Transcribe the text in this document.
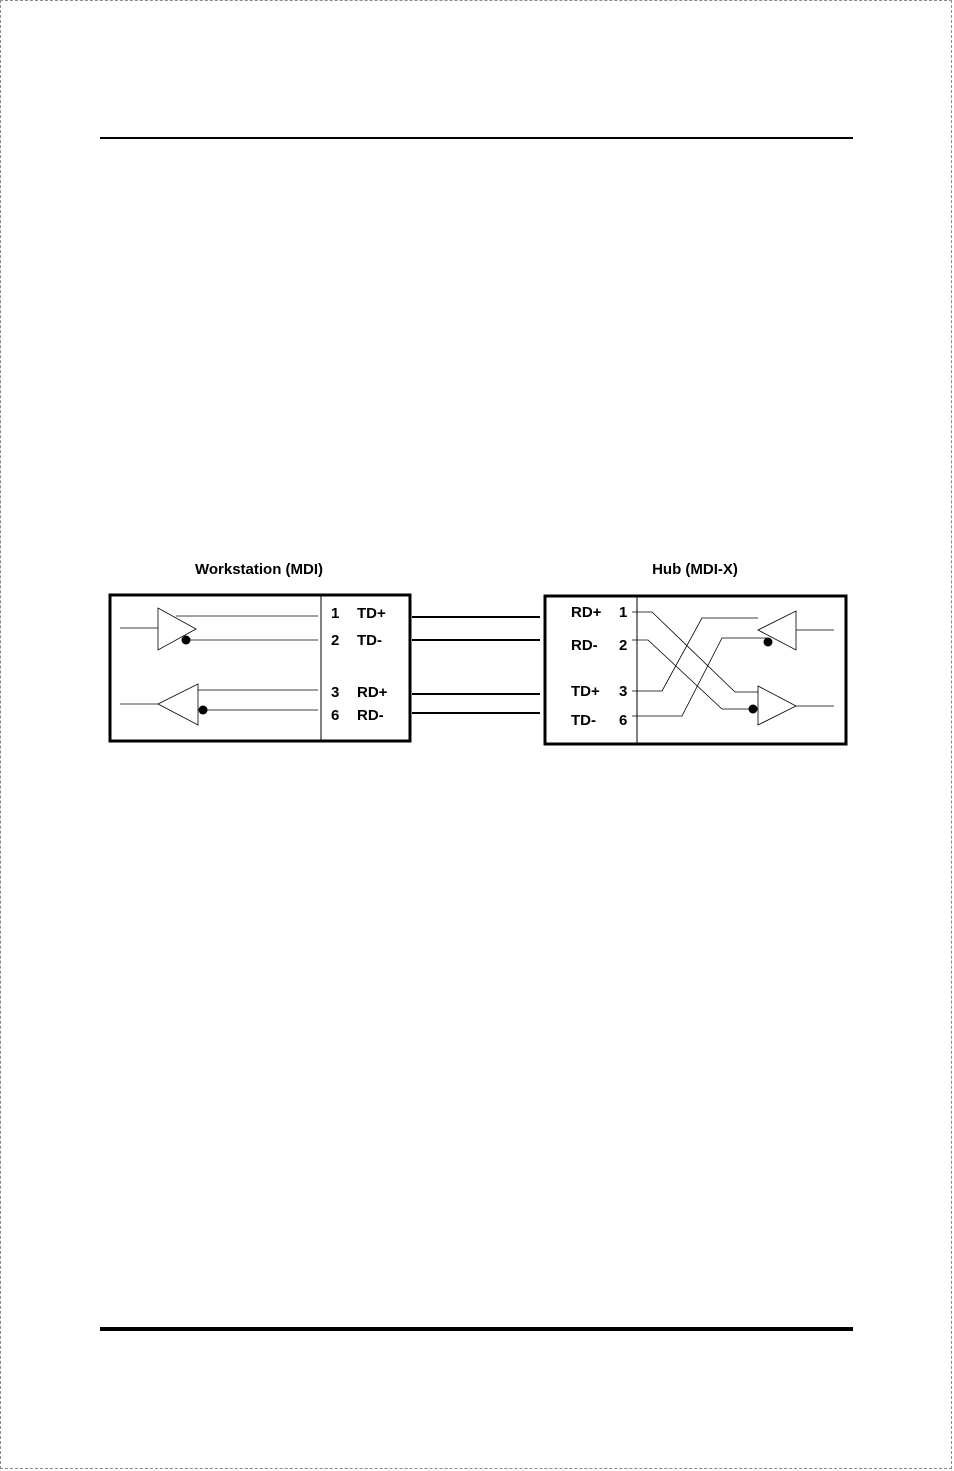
Workstation (MDI)
1 TD+
2 TD-
3 RD+
6 RD-
Hub (MDI-X)
RD+ 1
RD- 2
TD+ 3
TD- 6
